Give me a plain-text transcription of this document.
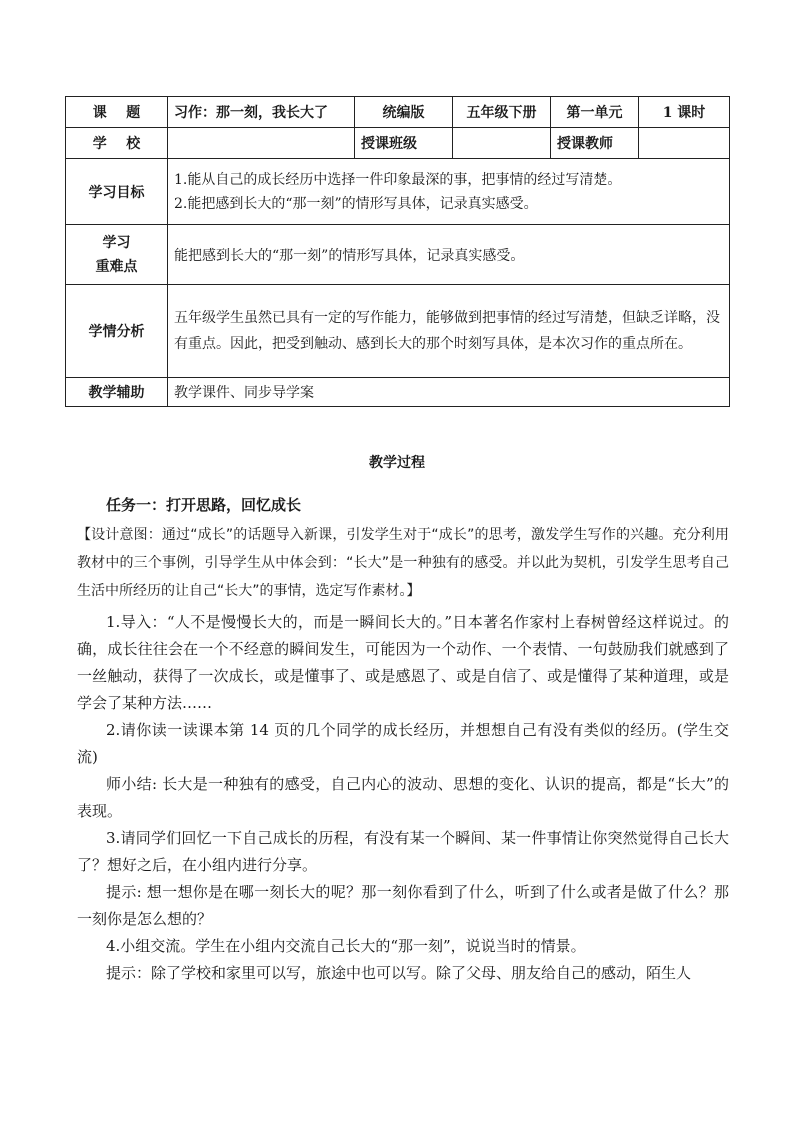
课    题	习作：那一刻，我长大了	统编版	五年级下册	第一单元	1 课时
学    校		授课班级		授课教师	
学习目标	1.能从自己的成长经历中选择一件印象最深的事，把事情的经过写清楚。
2.能把感到长大的“那一刻”的情形写具体，记录真实感受。				

学习
重难点	能把感到长大的“那一刻”的情形写具体，记录真实感受。				
学情分析	五年级学生虽然已具有一定的写作能力，能够做到把事情的经过写清楚，但缺乏详略，没有重点。因此，把受到触动、感到长大的那个时刻写具体，是本次习作的重点所在。				
教学辅助	教学课件、同步导学案				
教学过程
任务一：打开思路，回忆成长
【设计意图：通过“成长”的话题导入新课，引发学生对于“成长”的思考，激发学生写作的兴趣。充分利用教材中的三个事例，引导学生从中体会到：“长大”是一种独有的感受。并以此为契机，引发学生思考自己生活中所经历的让自己“长大”的事情，选定写作素材。】

1.导入：“人不是慢慢长大的，而是一瞬间长大的。”日本著名作家村上春树曾经这样说过。的确，成长往往会在一个不经意的瞬间发生，可能因为一个动作、一个表情、一句鼓励我们就感到了一丝触动，获得了一次成长，或是懂事了、或是感恩了、或是自信了、或是懂得了某种道理，或是学会了某种方法……

2.请你读一读课本第 14 页的几个同学的成长经历，并想想自己有没有类似的经历。(学生交流)

师小结: 长大是一种独有的感受，自己内心的波动、思想的变化、认识的提高，都是“长大”的表现。

3.请同学们回忆一下自己成长的历程，有没有某一个瞬间、某一件事情让你突然觉得自己长大了？想好之后，在小组内进行分享。

提示: 想一想你是在哪一刻长大的呢？那一刻你看到了什么，听到了什么或者是做了什么？那一刻你是怎么想的？

4.小组交流。学生在小组内交流自己长大的“那一刻”，说说当时的情景。

提示：除了学校和家里可以写，旅途中也可以写。除了父母、朋友给自己的感动，陌生人
